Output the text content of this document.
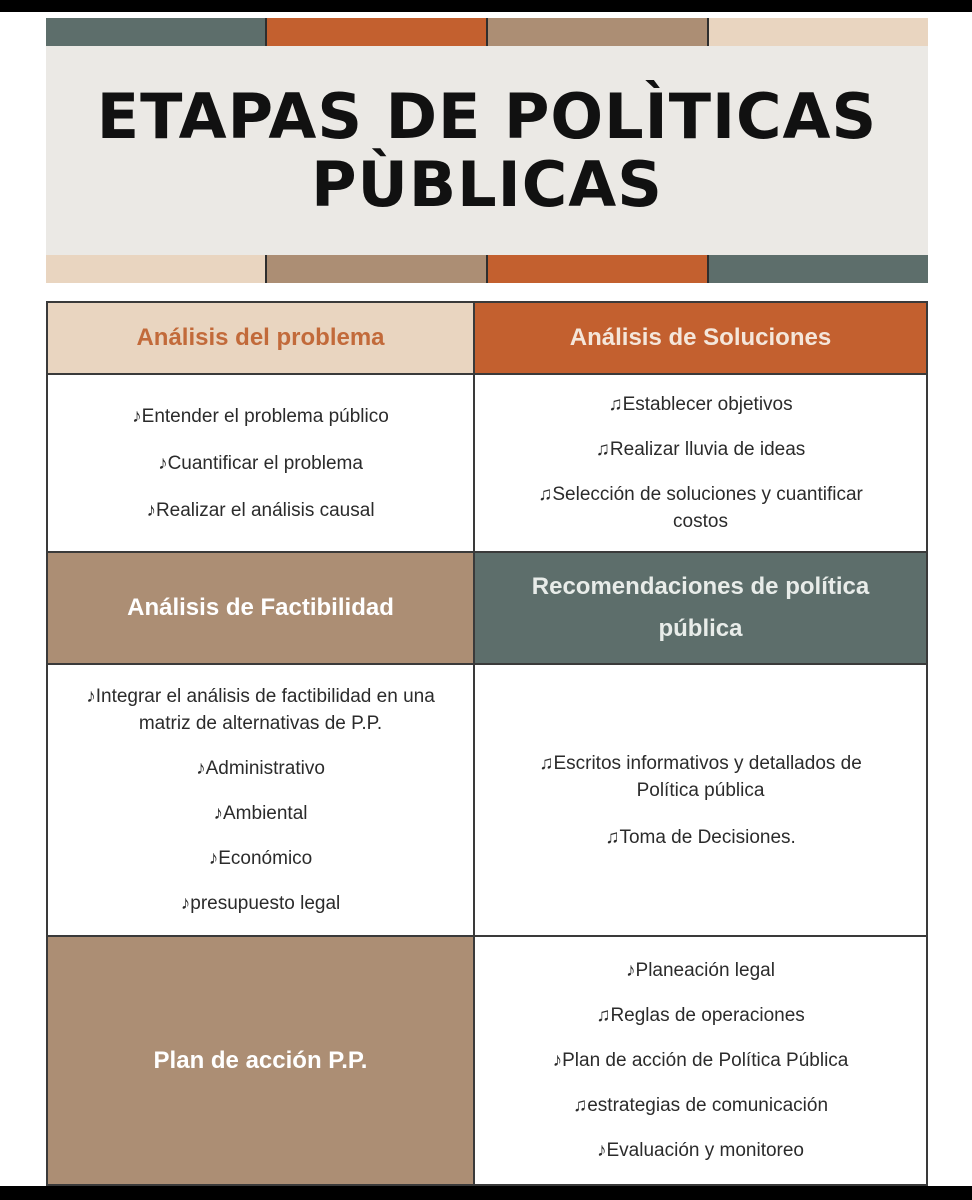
ETAPAS DE POLÌTICAS
PÙBLICAS
Análisis del problema	Análisis de Soluciones
♪Entender el problema público
♪Cuantificar el problema
♪Realizar el análisis causal
♫Establecer objetivos
♫Realizar lluvia de ideas
♫Selección de soluciones y cuantificar costos
Análisis de Factibilidad
Recomendaciones de política pública
♪Integrar el análisis de factibilidad en una matriz de alternativas de P.P.
♪Administrativo
♪Ambiental
♪Económico
♪presupuesto legal
♫Escritos informativos y detallados de Política pública
♫Toma de Decisiones.
Plan de acción P.P.
♪Planeación legal
♫Reglas de operaciones
♪Plan de acción de Política Pública
♫estrategias de comunicación
♪Evaluación y monitoreo
